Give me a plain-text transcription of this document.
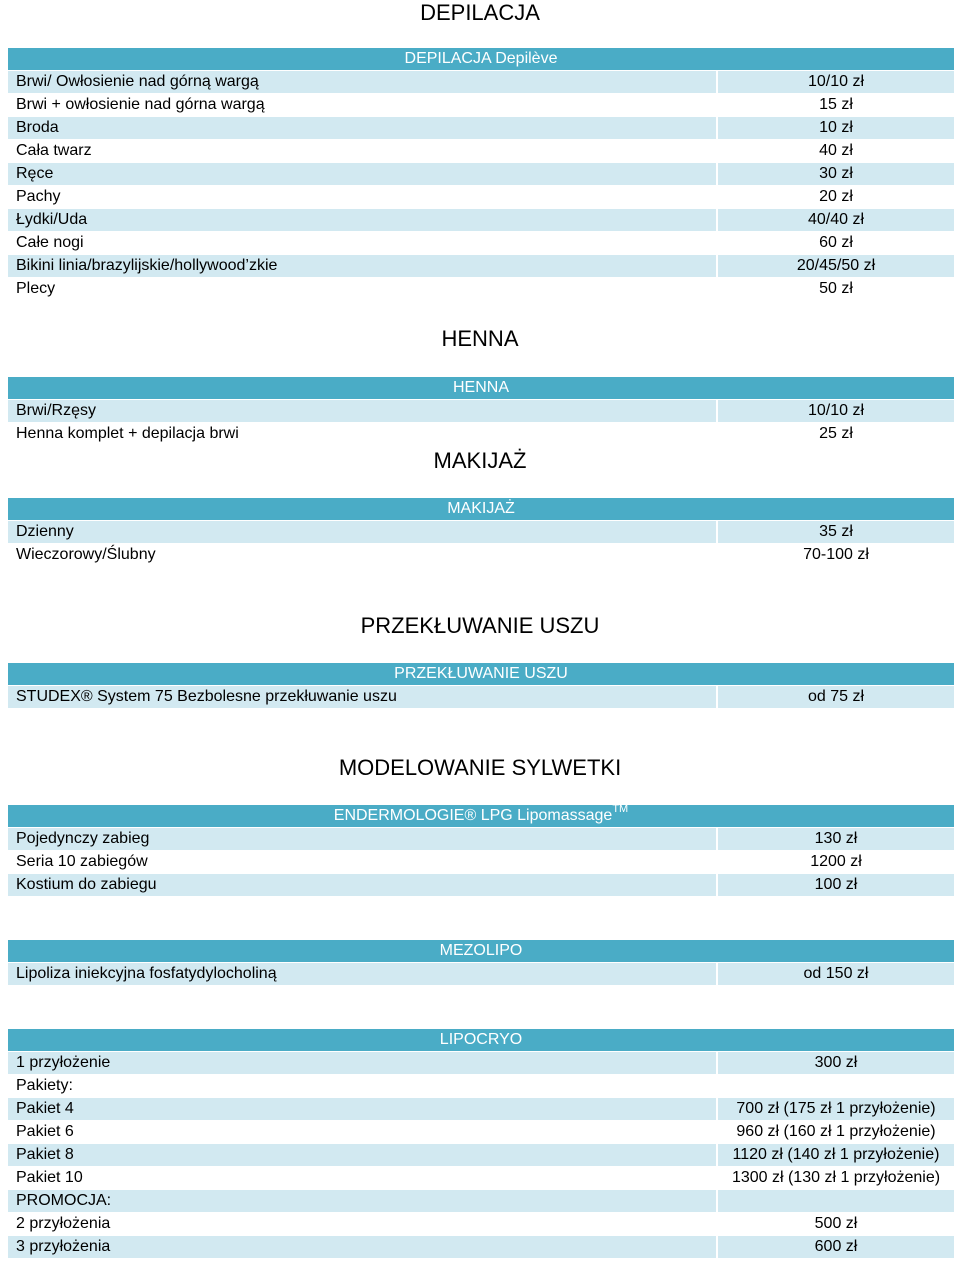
DEPILACJA
DEPILACJA Depilève
Brwi/ Owłosienie nad górną wargą	10/10 zł
Brwi + owłosienie nad górna wargą	15 zł
Broda	10 zł
Cała twarz	40 zł
Ręce	30 zł
Pachy	20 zł
Łydki/Uda	40/40 zł
Całe nogi	60 zł
Bikini linia/brazylijskie/hollywood’zkie	20/45/50 zł
Plecy	50 zł
HENNA
HENNA
Brwi/Rzęsy	10/10 zł
Henna komplet + depilacja brwi	25 zł
MAKIJAŻ
MAKIJAŻ
Dzienny	35 zł
Wieczorowy/Ślubny	70-100 zł
PRZEKŁUWANIE USZU
PRZEKŁUWANIE USZU
STUDEX® System 75 Bezbolesne przekłuwanie uszu	od 75 zł
MODELOWANIE SYLWETKI
ENDERMOLOGIE® LPG Lipomassage™
Pojedynczy zabieg	130 zł
Seria 10 zabiegów	1200 zł
Kostium do zabiegu	100 zł
MEZOLIPO
Lipoliza iniekcyjna fosfatydylocholiną	od 150 zł
LIPOCRYO
1 przyłożenie	300 zł
Pakiety:
Pakiet 4	700 zł (175 zł 1 przyłożenie)
Pakiet 6	960 zł (160 zł 1 przyłożenie)
Pakiet 8	1120 zł (140 zł 1 przyłożenie)
Pakiet 10	1300 zł (130 zł 1 przyłożenie)
PROMOCJA:
2 przyłożenia	500 zł
3 przyłożenia	600 zł
